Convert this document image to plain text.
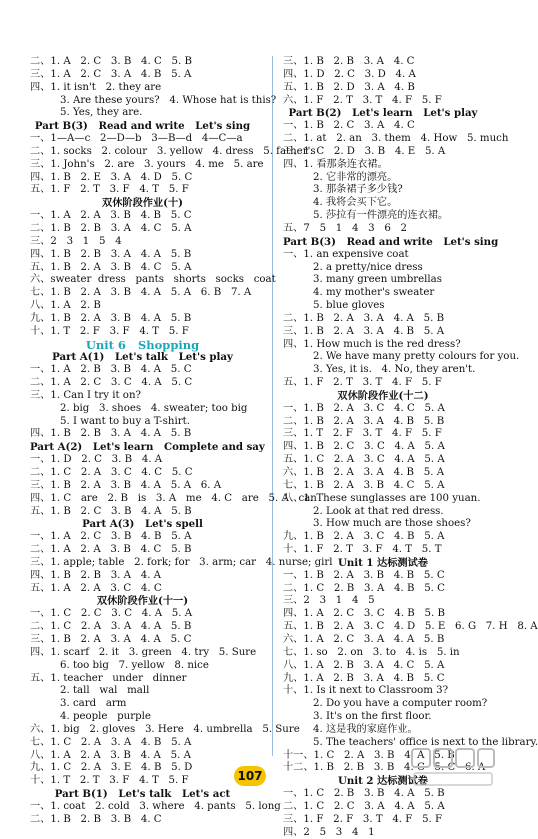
二、1. A   2. C   3. B   4. C   5. B
三、1. A   2. C   3. A   4. B   5. A
四、1. it isn't   2. they are
3. Are these yours?   4. Whose hat is this?
5. Yes, they are.
Part B(3)   Read and write   Let's sing
一、1—A—c   2—D—b   3—B—d   4—C—a
二、1. socks   2. colour   3. yellow   4. dress   5. father's
三、1. John's   2. are   3. yours   4. me   5. are
四、1. B   2. E   3. A   4. D   5. C
五、1. F   2. T   3. F   4. T   5. F
双休阶段作业(十)
一、1. A   2. A   3. B   4. B   5. C
二、1. B   2. B   3. A   4. C   5. A
三、2   3   1   5   4
四、1. B   2. B   3. A   4. A   5. B
五、1. B   2. A   3. B   4. C   5. A
六、sweater  dress   pants   shorts   socks   coat
七、1. B   2. A   3. B   4. A   5. A   6. B   7. A
八、1. A   2. B
九、1. B   2. A   3. B   4. A   5. B
十、1. T   2. F   3. F   4. T   5. F
Unit 6   Shopping
Part A(1)   Let's talk   Let's play
一、1. A   2. B   3. B   4. A   5. C
二、1. A   2. C   3. C   4. A   5. C
三、1. Can I try it on?
2. big   3. shoes   4. sweater; too big
5. I want to buy a T-shirt.
四、1. B   2. B   3. A   4. A   5. B
Part A(2)   Let's learn   Complete and say
一、1. D   2. C   3. B   4. A
二、1. C   2. A   3. C   4. C   5. C
三、1. B   2. A   3. B   4. A   5. A   6. A
四、1. C   are   2. B   is   3. A   me   4. C   are   5. A   can
五、1. B   2. C   3. B   4. A   5. B
Part A(3)   Let's spell
一、1. A   2. C   3. B   4. B   5. A
二、1. A   2. A   3. B   4. C   5. B
三、1. apple; table   2. fork; for   3. arm; car   4. nurse; girl
四、1. B   2. B   3. A   4. A
五、1. A   2. A   3. C   4. C
双休阶段作业(十一)
一、1. C   2. C   3. C   4. A   5. A
二、1. C   2. A   3. A   4. A   5. B
三、1. B   2. A   3. A   4. A   5. C
四、1. scarf   2. it   3. green   4. try   5. Sure
6. too big   7. yellow   8. nice
五、1. teacher   under   dinner
2. tall   wal   mall
3. card   arm
4. people   purple
六、1. big   2. gloves   3. Here   4. umbrella   5. Sure
七、1. C   2. A   3. A   4. B   5. A
八、1. A   2. A   3. B   4. A   5. A
九、1. C   2. A   3. E   4. B   5. D
十、1. T   2. T   3. F   4. T   5. F
Part B(1)   Let's talk   Let's act
一、1. coat   2. cold   3. where   4. pants   5. long
二、1. B   2. B   3. B   4. C
三、1. B   2. B   3. A   4. C
四、1. D   2. C   3. D   4. A
五、1. B   2. D   3. A   4. B
六、1. F   2. T   3. T   4. F   5. F
Part B(2)   Let's learn   Let's play
一、1. B   2. C   3. A   4. C
二、1. at   2. an   3. them   4. How   5. much
三、1. C   2. D   3. B   4. E   5. A
四、1. 看那条连衣裙。
2. 它非常的漂亮。
3. 那条裙子多少钱?
4. 我将会买下它。
5. 莎拉有一件漂亮的连衣裙。
五、7   5   1   4   3   6   2
Part B(3)   Read and write   Let's sing
一、1. an expensive coat
2. a pretty/nice dress
3. many green umbrellas
4. my mother's sweater
5. blue gloves
二、1. B   2. A   3. A   4. A   5. B
三、1. B   2. A   3. A   4. B   5. A
四、1. How much is the red dress?
2. We have many pretty colours for you.
3. Yes, it is.   4. No, they aren't.
五、1. F   2. T   3. T   4. F   5. F
双休阶段作业(十二)
一、1. B   2. A   3. C   4. C   5. A
二、1. B   2. A   3. A   4. B   5. B
三、1. T   2. F   3. T   4. F   5. F
四、1. B   2. C   3. C   4. A   5. A
五、1. C   2. A   3. C   4. A   5. A
六、1. B   2. A   3. A   4. B   5. A
七、1. B   2. A   3. B   4. C   5. A
八、1. These sunglasses are 100 yuan.
2. Look at that red dress.
3. How much are those shoes?
九、1. B   2. A   3. C   4. B   5. A
十、1. F   2. T   3. F   4. T   5. T
Unit 1 达标测试卷
一、1. B   2. A   3. B   4. B   5. C
二、1. C   2. B   3. A   4. B   5. C
三、2   3   1   4   5
四、1. A   2. C   3. C   4. B   5. B
五、1. B   2. A   3. C   4. D   5. E   6. G   7. H   8. A
六、1. A   2. C   3. A   4. A   5. B
七、1. so   2. on   3. to   4. is   5. in
八、1. A   2. B   3. A   4. C   5. A
九、1. A   2. B   3. A   4. B   5. C
十、1. Is it next to Classroom 3?
2. Do you have a computer room?
3. It's on the first floor.
4. 这是我的家庭作业。
5. The teachers' office is next to the library.
十一、1. C   2. A   3. B   4. A   5. B
十二、1. B   2. B   3. B   4. C   5. C   6. A
Unit 2 达标测试卷
一、1. C   2. B   3. B   4. A   5. B
二、1. C   2. C   3. A   4. A   5. A
三、1. F   2. F   3. T   4. F   5. F
四、2   5   3   4   1
107
